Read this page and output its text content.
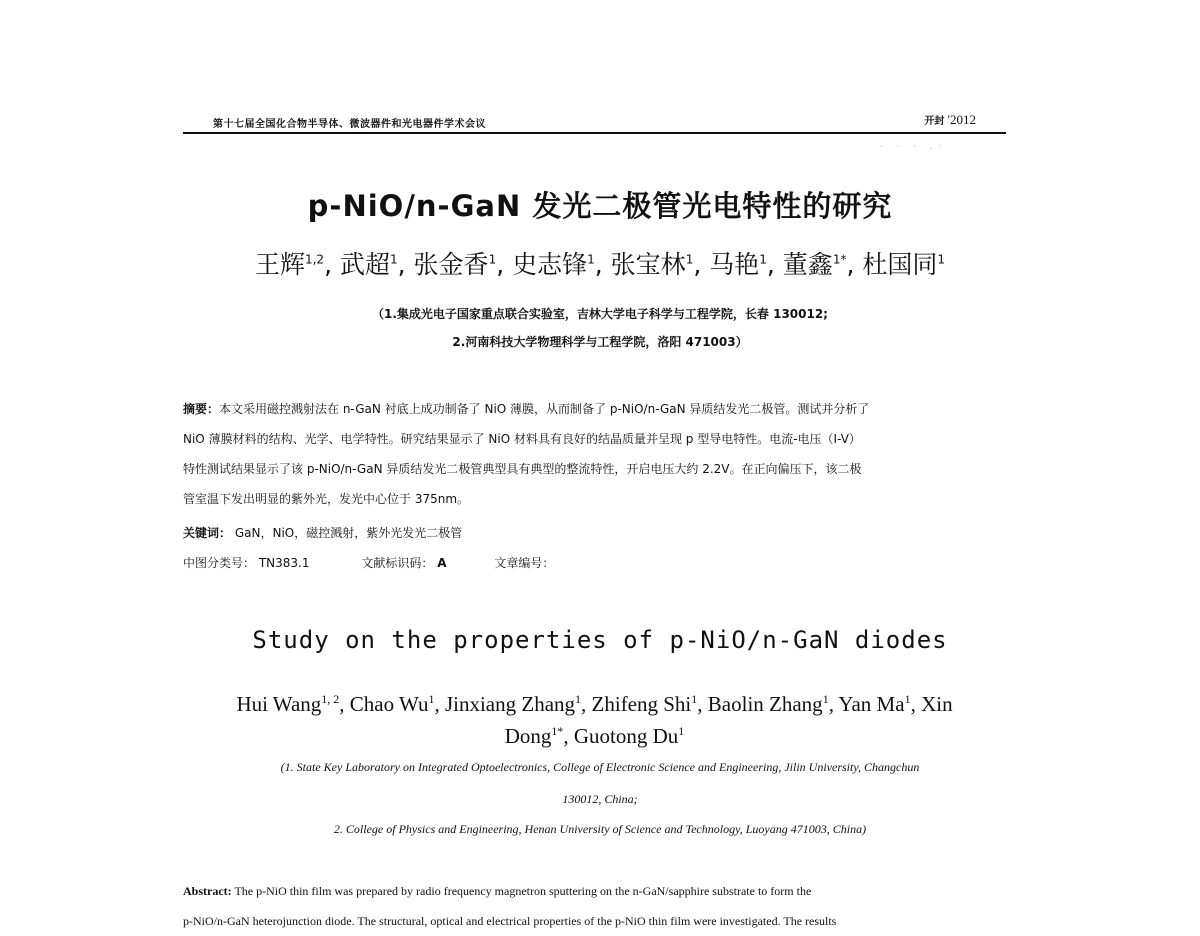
第十七届全国化合物半导体、微波器件和光电器件学术会议	开封 '2012
· · · .·
p-NiO/n-GaN 发光二极管光电特性的研究
王辉$^{1,2}$, 武超$^1$, 张金香$^1$, 史志锋$^1$, 张宝林$^1$, 马艳$^1$, 董鑫$^{1*}$, 杜国同$^1$
（1.集成光电子国家重点联合实验室，吉林大学电子科学与工程学院，长春 130012;
2.河南科技大学物理科学与工程学院，洛阳 471003）
摘要：本文采用磁控溅射法在 n-GaN 衬底上成功制备了 NiO 薄膜，从而制备了 p-NiO/n-GaN 异质结发光二极管。测试并分析了
NiO 薄膜材料的结构、光学、电学特性。研究结果显示了 NiO 材料具有良好的结晶质量并呈现 p 型导电特性。电流-电压（I-V）
特性测试结果显示了该 p-NiO/n-GaN 异质结发光二极管典型具有典型的整流特性，开启电压大约 2.2V。在正向偏压下，该二极
管室温下发出明显的紫外光，发光中心位于 375nm。
关键词： GaN，NiO，磁控溅射，紫外光发光二极管
中图分类号： TN383.1	文献标识码： A	文章编号：
Study on the properties of p-NiO/n-GaN diodes
Hui Wang$^{1, 2}$, Chao Wu$^1$, Jinxiang Zhang$^1$, Zhifeng Shi$^1$, Baolin Zhang$^1$, Yan Ma$^1$, Xin
Dong$^{1*}$, Guotong Du$^1$
(1. State Key Laboratory on Integrated Optoelectronics, College of Electronic Science and Engineering, Jilin University, Changchun
130012, China;
2. College of Physics and Engineering, Henan University of Science and Technology, Luoyang 471003, China)
Abstract: The p-NiO thin film was prepared by radio frequency magnetron sputtering on the n-GaN/sapphire substrate to form the
p-NiO/n-GaN heterojunction diode. The structural, optical and electrical properties of the p-NiO thin film were investigated. The results
